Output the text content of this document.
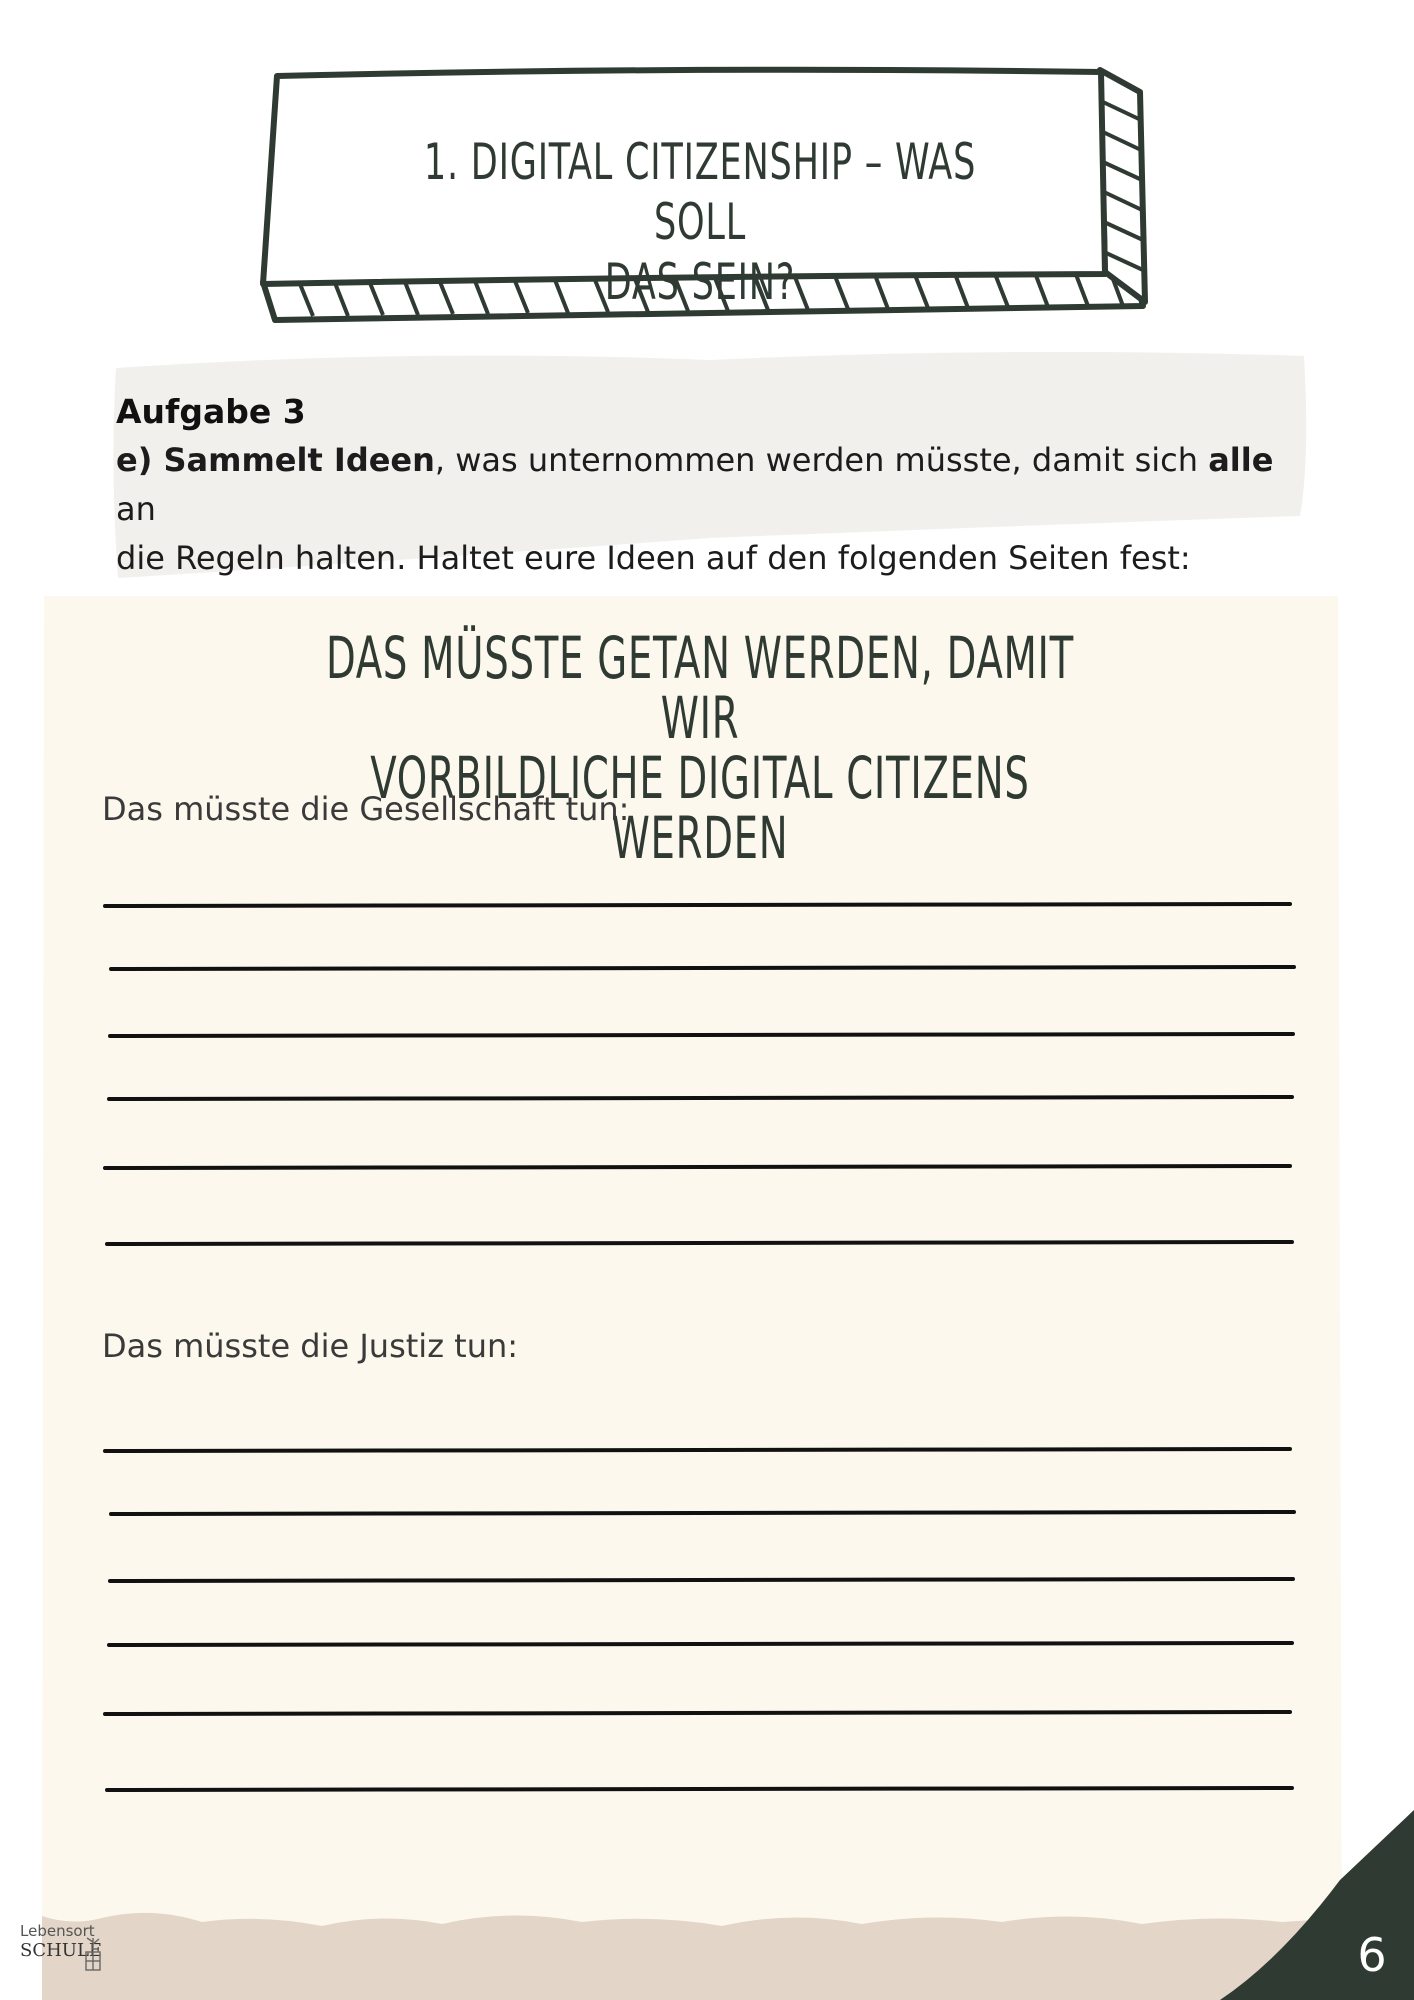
1. DIGITAL CITIZENSHIP – WAS SOLL
DAS SEIN?
Aufgabe 3
e) Sammelt Ideen, was unternommen werden müsste, damit sich alle an
die Regeln halten. Haltet eure Ideen auf den folgenden Seiten fest:
DAS MÜSSTE GETAN WERDEN, DAMIT WIR
VORBILDLICHE DIGITAL CITIZENS WERDEN
Das müsste die Gesellschaft tun:
Das müsste die Justiz tun:
Lebensort
SCHULE	6
